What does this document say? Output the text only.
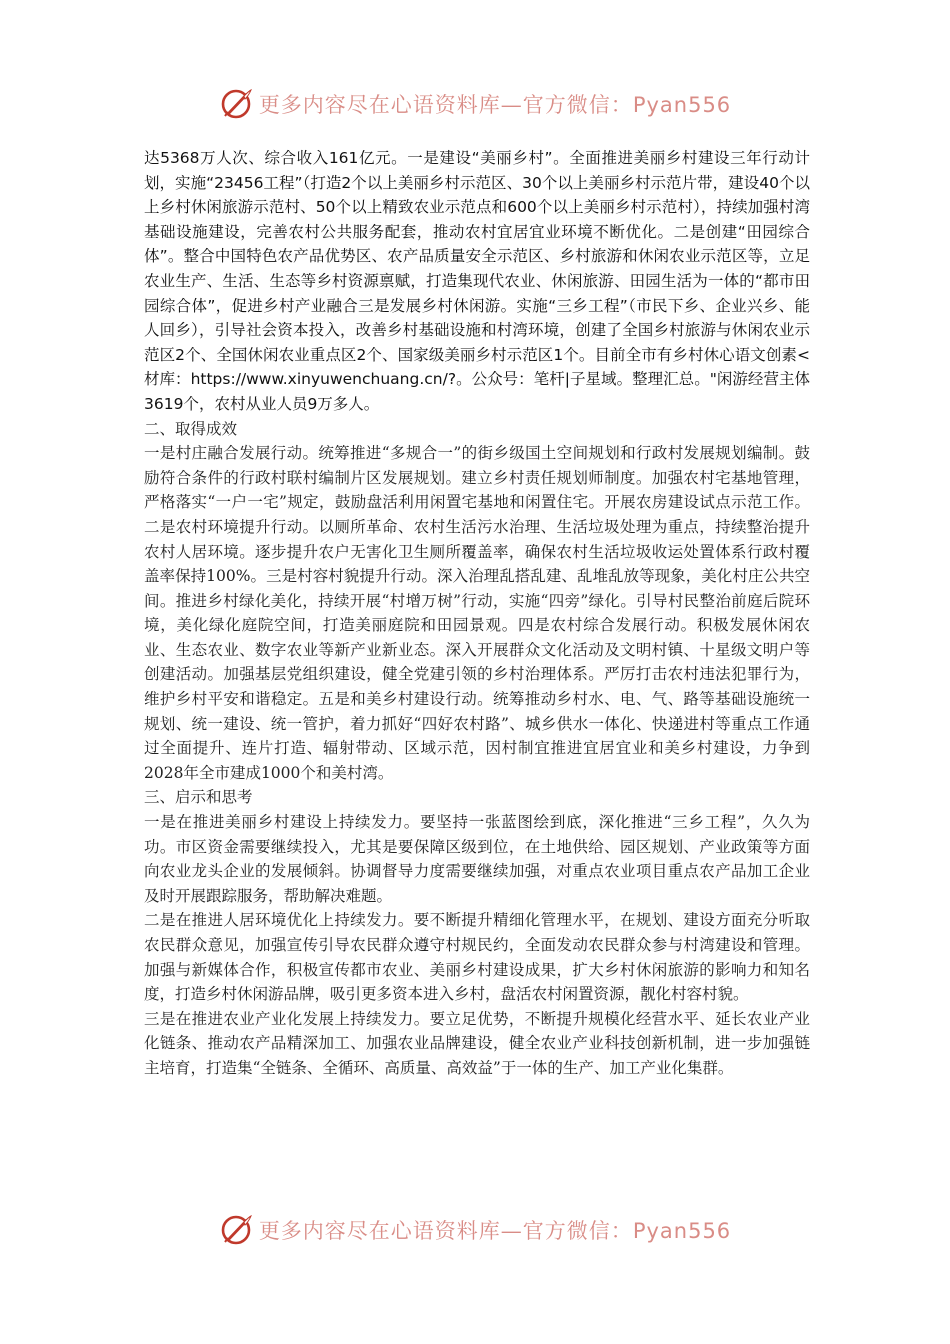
更多内容尽在心语资料库—官方微信：Pyan556

达5368万人次、综合收入161亿元。一是建设“美丽乡村”。全面推进美丽乡村建设三年行动计划，实施“23456工程”（打造2个以上美丽乡村示范区、30个以上美丽乡村示范片带，建设40个以上乡村休闲旅游示范村、50个以上精致农业示范点和600个以上美丽乡村示范村），持续加强村湾基础设施建设，完善农村公共服务配套，推动农村宜居宜业环境不断优化。二是创建“田园综合体”。整合中国特色农产品优势区、农产品质量安全示范区、乡村旅游和休闲农业示范区等，立足农业生产、生活、生态等乡村资源禀赋，打造集现代农业、休闲旅游、田园生活为一体的“都市田园综合体”，促进乡村产业融合三是发展乡村休闲游。实施“三乡工程”（市民下乡、企业兴乡、能人回乡），引导社会资本投入，改善乡村基础设施和村湾环境，创建了全国乡村旅游与休闲农业示范区2个、全国休闲农业重点区2个、国家级美丽乡村示范区1个。目前全市有乡村休心语文创素<材库：https://www.xinyuwenchuang.cn/?。公众号：笔杆|子星域。整理汇总。"闲游经营主体3619个，农村从业人员9万多人。

二、取得成效

一是村庄融合发展行动。统筹推进“多规合一”的街乡级国土空间规划和行政村发展规划编制。鼓励符合条件的行政村联村编制片区发展规划。建立乡村责任规划师制度。加强农村宅基地管理，严格落实“一户一宅”规定，鼓励盘活利用闲置宅基地和闲置住宅。开展农房建设试点示范工作。二是农村环境提升行动。以厕所革命、农村生活污水治理、生活垃圾处理为重点，持续整治提升农村人居环境。逐步提升农户无害化卫生厕所覆盖率，确保农村生活垃圾收运处置体系行政村覆盖率保持100%。三是村容村貌提升行动。深入治理乱搭乱建、乱堆乱放等现象，美化村庄公共空间。推进乡村绿化美化，持续开展“村增万树”行动，实施“四旁”绿化。引导村民整治前庭后院环境，美化绿化庭院空间，打造美丽庭院和田园景观。四是农村综合发展行动。积极发展休闲农业、生态农业、数字农业等新产业新业态。深入开展群众文化活动及文明村镇、十星级文明户等创建活动。加强基层党组织建设，健全党建引领的乡村治理体系。严厉打击农村违法犯罪行为，维护乡村平安和谐稳定。五是和美乡村建设行动。统筹推动乡村水、电、气、路等基础设施统一规划、统一建设、统一管护，着力抓好“四好农村路”、城乡供水一体化、快递进村等重点工作通过全面提升、连片打造、辐射带动、区域示范，因村制宜推进宜居宜业和美乡村建设，力争到2028年全市建成1000个和美村湾。

三、启示和思考

一是在推进美丽乡村建设上持续发力。要坚持一张蓝图绘到底，深化推进“三乡工程”，久久为功。市区资金需要继续投入，尤其是要保障区级到位，在土地供给、园区规划、产业政策等方面向农业龙头企业的发展倾斜。协调督导力度需要继续加强，对重点农业项目重点农产品加工企业及时开展跟踪服务，帮助解决难题。

二是在推进人居环境优化上持续发力。要不断提升精细化管理水平，在规划、建设方面充分听取农民群众意见，加强宣传引导农民群众遵守村规民约，全面发动农民群众参与村湾建设和管理。加强与新媒体合作，积极宣传都市农业、美丽乡村建设成果，扩大乡村休闲旅游的影响力和知名度，打造乡村休闲游品牌，吸引更多资本进入乡村，盘活农村闲置资源，靓化村容村貌。

三是在推进农业产业化发展上持续发力。要立足优势，不断提升规模化经营水平、延长农业产业化链条、推动农产品精深加工、加强农业品牌建设，健全农业产业科技创新机制，进一步加强链主培育，打造集“全链条、全循环、高质量、高效益”于一体的生产、加工产业化集群。

更多内容尽在心语资料库—官方微信：Pyan556
